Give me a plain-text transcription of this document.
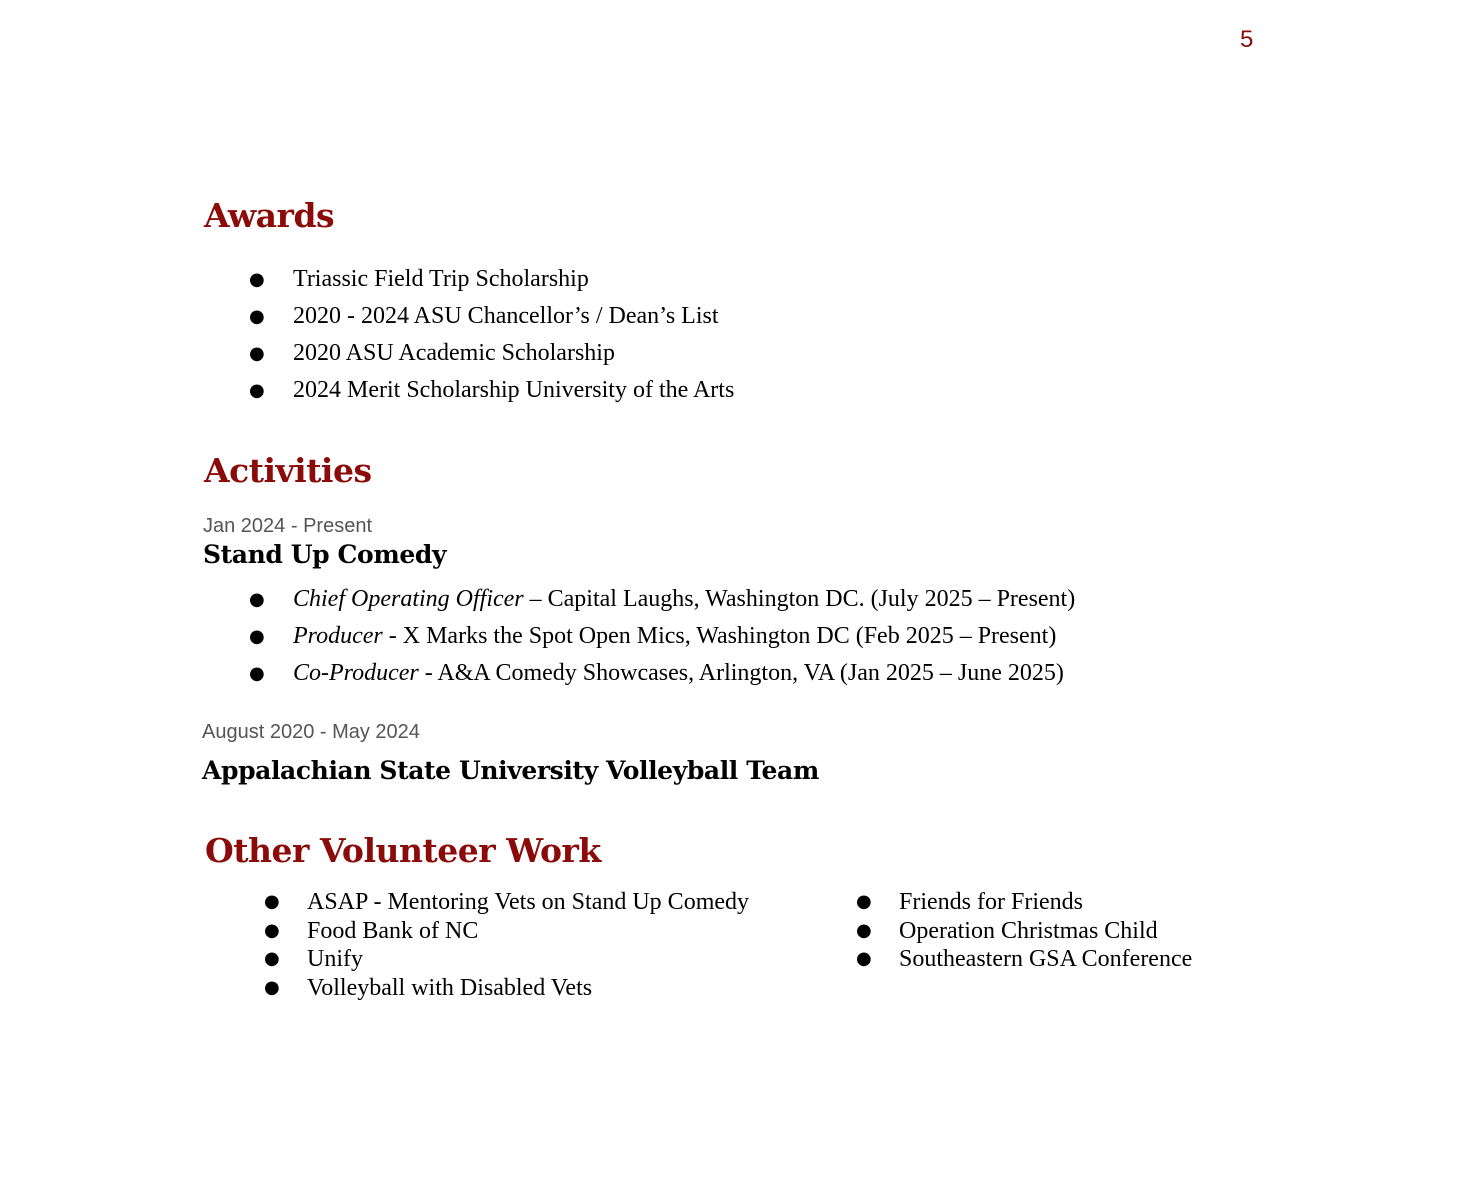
5
Awards
● Triassic Field Trip Scholarship
● 2020 - 2024 ASU Chancellor’s / Dean’s List
● 2020 ASU Academic Scholarship
● 2024 Merit Scholarship University of the Arts
Activities
Jan 2024 - Present
Stand Up Comedy
● Chief Operating Officer – Capital Laughs, Washington DC. (July 2025 – Present)
● Producer - X Marks the Spot Open Mics, Washington DC (Feb 2025 – Present)
● Co-Producer - A&A Comedy Showcases, Arlington, VA (Jan 2025 – June 2025)
August 2020 - May 2024
Appalachian State University Volleyball Team
Other Volunteer Work
● ASAP - Mentoring Vets on Stand Up Comedy
● Food Bank of NC
● Unify
● Volleyball with Disabled Vets
● Friends for Friends
● Operation Christmas Child
● Southeastern GSA Conference
